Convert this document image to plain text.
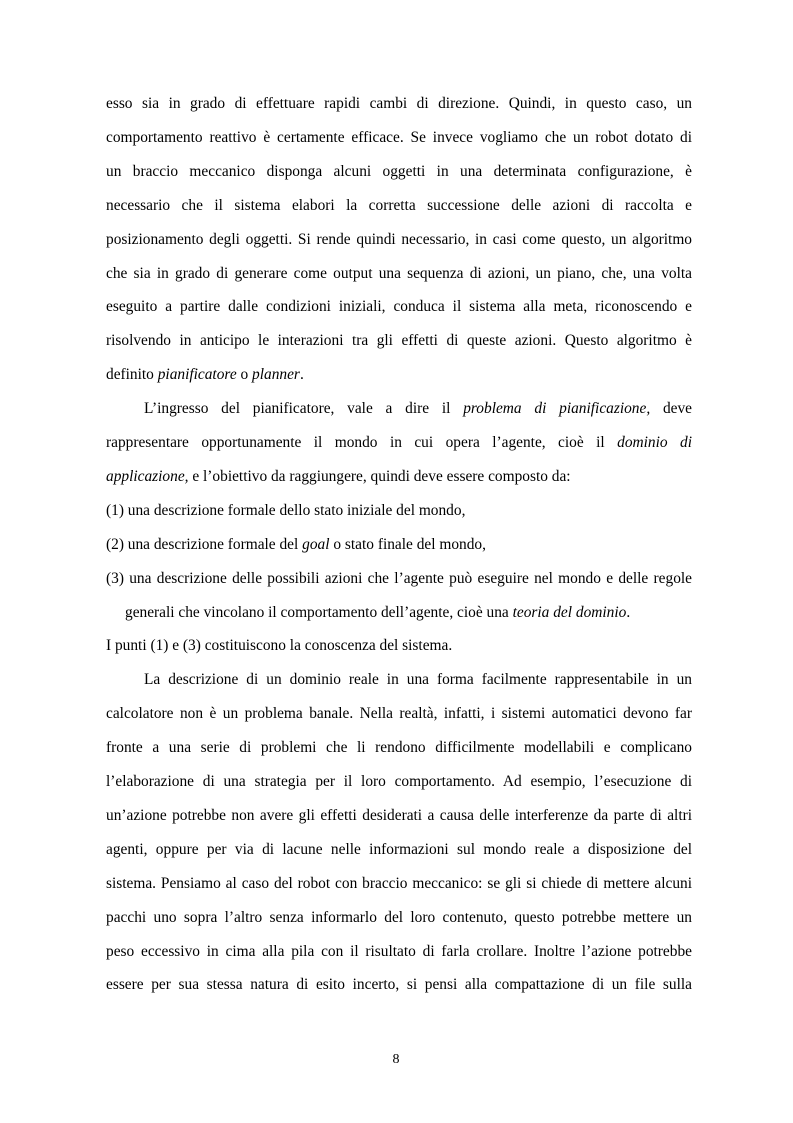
esso sia in grado di effettuare rapidi cambi di direzione. Quindi, in questo caso, un
comportamento reattivo è certamente efficace. Se invece vogliamo che un robot dotato di
un braccio meccanico disponga alcuni oggetti in una determinata configurazione, è
necessario che il sistema elabori la corretta successione delle azioni di raccolta e
posizionamento degli oggetti. Si rende quindi necessario, in casi come questo, un algoritmo
che sia in grado di generare come output una sequenza di azioni, un piano, che, una volta
eseguito a partire dalle condizioni iniziali, conduca il sistema alla meta, riconoscendo e
risolvendo in anticipo le interazioni tra gli effetti di queste azioni. Questo algoritmo è
definito pianificatore o planner.
L’ingresso del pianificatore, vale a dire il problema di pianificazione, deve
rappresentare opportunamente il mondo in cui opera l’agente, cioè il dominio di
applicazione, e l’obiettivo da raggiungere, quindi deve essere composto da:
(1) una descrizione formale dello stato iniziale del mondo,
(2) una descrizione formale del goal o stato finale del mondo,
(3) una descrizione delle possibili azioni che l’agente può eseguire nel mondo e delle regole
generali che vincolano il comportamento dell’agente, cioè una teoria del dominio.
I punti (1) e (3) costituiscono la conoscenza del sistema.
La descrizione di un dominio reale in una forma facilmente rappresentabile in un
calcolatore non è un problema banale. Nella realtà, infatti, i sistemi automatici devono far
fronte a una serie di problemi che li rendono difficilmente modellabili e complicano
l’elaborazione di una strategia per il loro comportamento. Ad esempio, l’esecuzione di
un’azione potrebbe non avere gli effetti desiderati a causa delle interferenze da parte di altri
agenti, oppure per via di lacune nelle informazioni sul mondo reale a disposizione del
sistema. Pensiamo al caso del robot con braccio meccanico: se gli si chiede di mettere alcuni
pacchi uno sopra l’altro senza informarlo del loro contenuto, questo potrebbe mettere un
peso eccessivo in cima alla pila con il risultato di farla crollare. Inoltre l’azione potrebbe
essere per sua stessa natura di esito incerto, si pensi alla compattazione di un file sulla
8
